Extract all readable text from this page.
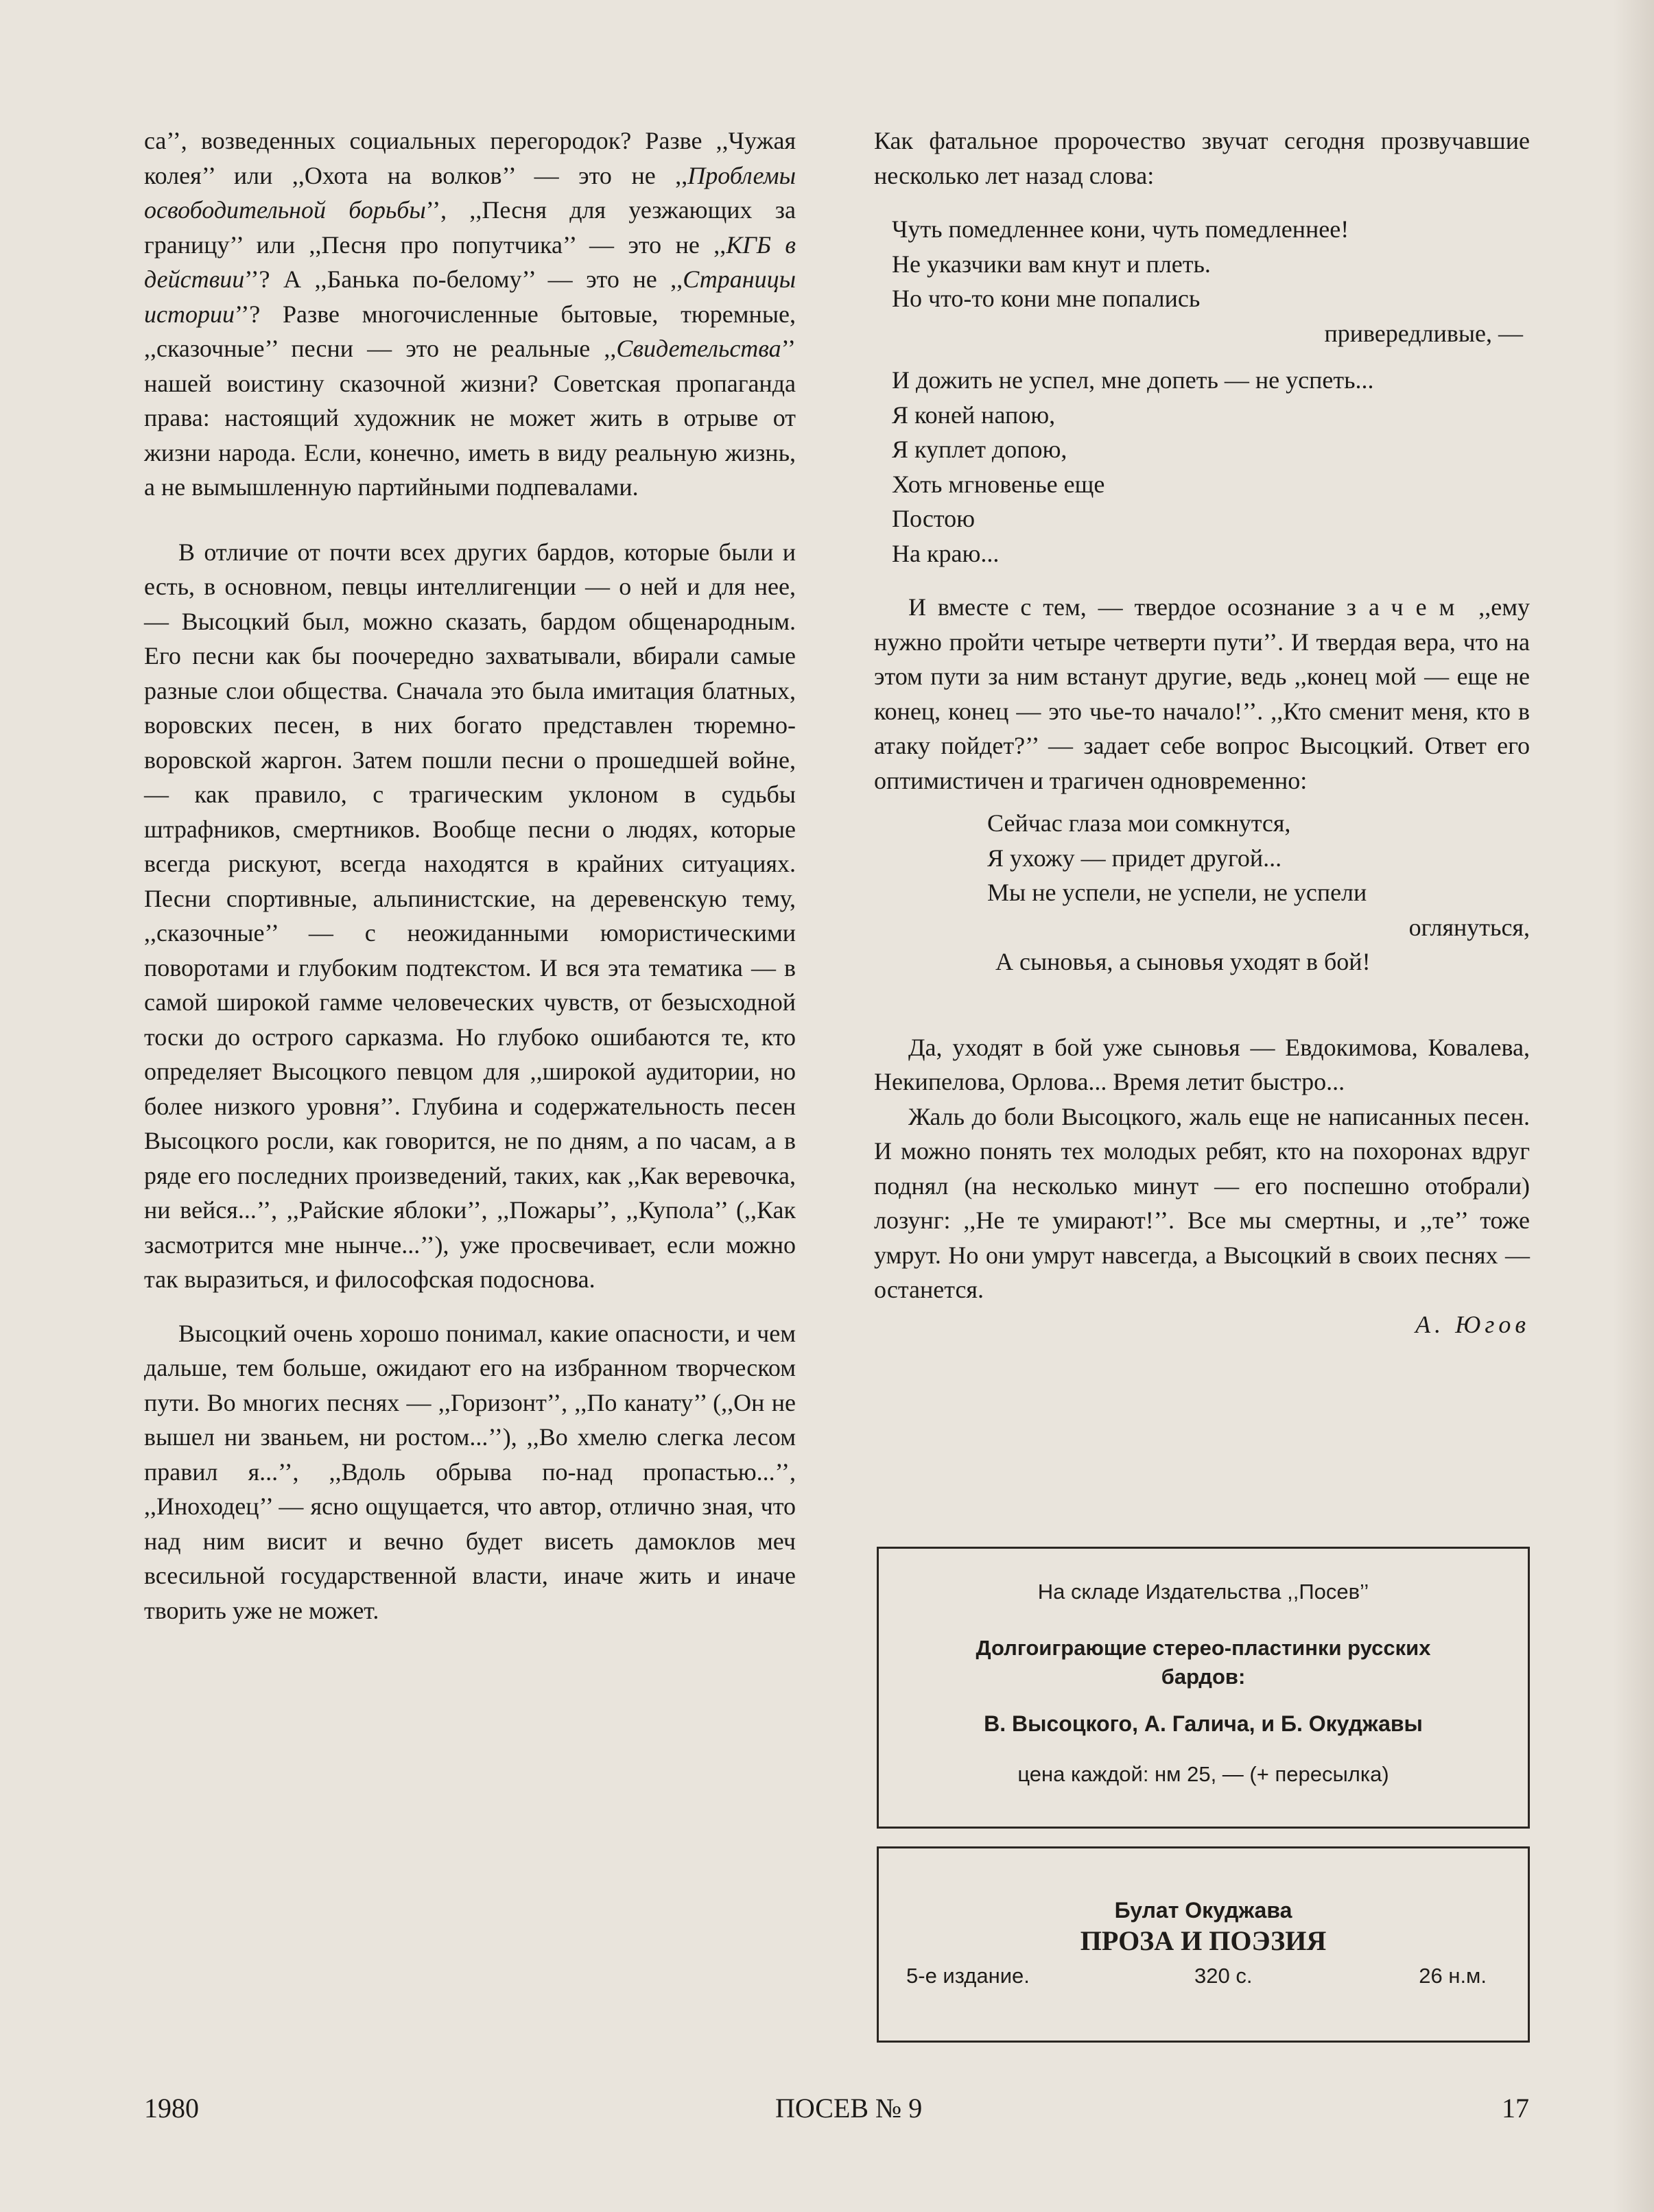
са’’, возведенных социальных перегородок? Разве ,,Чужая колея’’ или ,,Охота на волков’’ — это не ,,Проблемы освободительной борьбы’’, ,,Песня для уезжающих за границу’’ или ,,Песня про попутчика’’ — это не ,,КГБ в действии’’? А ,,Банька по-белому’’ — это не ,,Страницы истории’’? Разве многочисленные бытовые, тюремные, ,,сказочные’’ песни — это не реальные ,,Свидетельства’’ нашей воистину сказочной жизни? Советская пропаганда права: настоящий художник не может жить в отрыве от жизни народа. Если, конечно, иметь в виду реальную жизнь, а не вымышленную партийными подпевалами.

В отличие от почти всех других бардов, которые были и есть, в основном, певцы интеллигенции — о ней и для нее, — Высоцкий был, можно сказать, бардом общенародным. Его песни как бы поочередно захватывали, вбирали самые разные слои общества. Сначала это была имитация блатных, воровских песен, в них богато представлен тюремно-воровской жаргон. Затем пошли песни о прошедшей войне, — как правило, с трагическим уклоном в судьбы штрафников, смертников. Вообще песни о людях, которые всегда рискуют, всегда находятся в крайних ситуациях. Песни спортивные, альпинистские, на деревенскую тему, ,,сказочные’’ — с неожиданными юмористическими поворотами и глубоким подтекстом. И вся эта тематика — в самой широкой гамме человеческих чувств, от безысходной тоски до острого сарказма. Но глубоко ошибаются те, кто определяет Высоцкого певцом для ,,широкой аудитории, но более низкого уровня’’. Глубина и содержательность песен Высоцкого росли, как говорится, не по дням, а по часам, а в ряде его последних произведений, таких, как ,,Как веревочка, ни вейся...’’, ,,Райские яблоки’’, ,,Пожары’’, ,,Купола’’ (,,Как засмотрится мне нынче...’’), уже просвечивает, если можно так выразиться, и философская подоснова.

Высоцкий очень хорошо понимал, какие опасности, и чем дальше, тем больше, ожидают его на избранном творческом пути. Во многих песнях — ,,Горизонт’’, ,,По канату’’ (,,Он не вышел ни званьем, ни ростом...’’), ,,Во хмелю слегка лесом правил я...’’, ,,Вдоль обрыва по-над пропастью...’’, ,,Иноходец’’ — ясно ощущается, что автор, отлично зная, что над ним висит и вечно будет висеть дамоклов меч всесильной государственной власти, иначе жить и иначе творить уже не может.

Как фатальное пророчество звучат сегодня прозвучавшие несколько лет назад слова:

Чуть помедленнее кони, чуть помедленнее!
Не указчики вам кнут и плеть.
Но что-то кони мне попались
привередливые, —
И дожить не успел, мне допеть — не успеть...
Я коней напою,
Я куплет допою,
Хоть мгновенье еще
Постою
На краю...

И вместе с тем, — твердое осознание зачем ,,ему нужно пройти четыре четверти пути’’. И твердая вера, что на этом пути за ним встанут другие, ведь ,,конец мой — еще не конец, конец — это чье-то начало!’’. ,,Кто сменит меня, кто в атаку пойдет?’’ — задает себе вопрос Высоцкий. Ответ его оптимистичен и трагичен одновременно:

Сейчас глаза мои сомкнутся,
Я ухожу — придет другой...
Мы не успели, не успели, не успели
оглянуться,
А сыновья, а сыновья уходят в бой!

Да, уходят в бой уже сыновья — Евдокимова, Ковалева, Некипелова, Орлова... Время летит быстро...

Жаль до боли Высоцкого, жаль еще не написанных песен. И можно понять тех молодых ребят, кто на похоронах вдруг поднял (на несколько минут — его поспешно отобрали) лозунг: ,,Не те умирают!’’. Все мы смертны, и ,,те’’ тоже умрут. Но они умрут навсегда, а Высоцкий в своих песнях — останется.

А. Югов
На складе Издательства ,,Посев’’
Долгоиграющие стерео-пластинки русских бардов:
В. Высоцкого, А. Галича, и Б. Окуджавы
цена каждой: нм 25, — (+ пересылка)
Булат Окуджава
ПРОЗА И ПОЭЗИЯ
5-е издание.	320 с.	26 н.м.
1980	ПОСЕВ № 9	17
